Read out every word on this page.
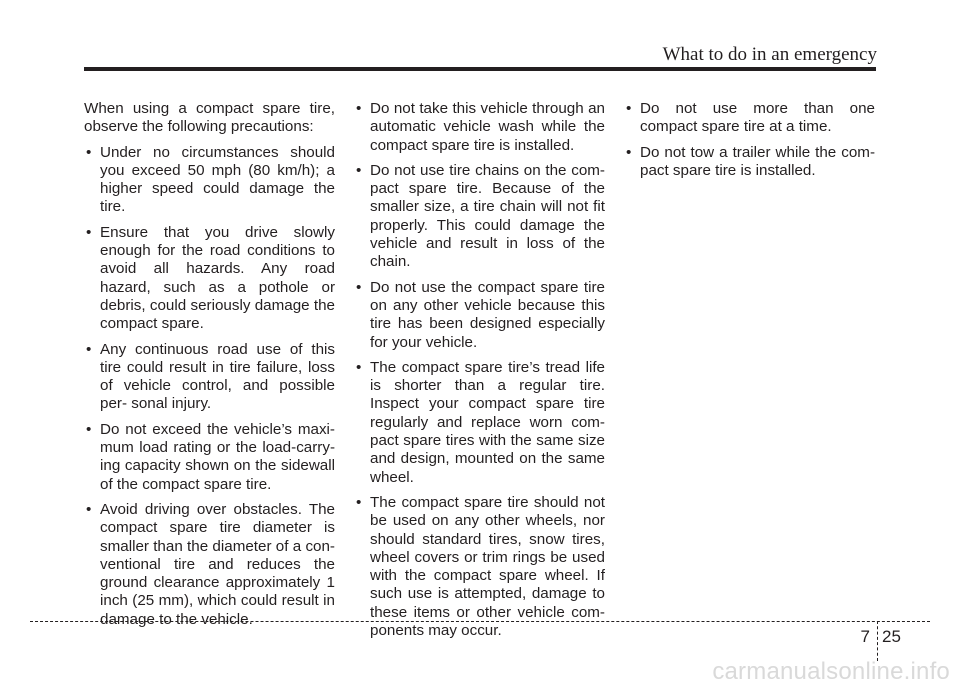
What to do in an emergency

When using a compact spare tire, observe the following precautions:

• Under no circumstances should you exceed 50 mph (80 km/h); a higher speed could damage the tire.
• Ensure that you drive slowly enough for the road conditions to avoid all hazards. Any road hazard, such as a pothole or debris, could seriously damage the compact spare.
• Any continuous road use of this tire could result in tire failure, loss of vehicle control, and possible per- sonal injury.
• Do not exceed the vehicle’s maxi- mum load rating or the load-carry- ing capacity shown on the sidewall of the compact spare tire.
• Avoid driving over obstacles. The compact spare tire diameter is smaller than the diameter of a con- ventional tire and reduces the ground clearance approximately 1 inch (25 mm), which could result in damage to the vehicle.
• Do not take this vehicle through an automatic vehicle wash while the compact spare tire is installed.
• Do not use tire chains on the com- pact spare tire. Because of the smaller size, a tire chain will not fit properly. This could damage the vehicle and result in loss of the chain.
• Do not use the compact spare tire on any other vehicle because this tire has been designed especially for your vehicle.
• The compact spare tire’s tread life is shorter than a regular tire. Inspect your compact spare tire regularly and replace worn com- pact spare tires with the same size and design, mounted on the same wheel.
• The compact spare tire should not be used on any other wheels, nor should standard tires, snow tires, wheel covers or trim rings be used with the compact spare wheel. If such use is attempted, damage to these items or other vehicle com- ponents may occur.
• Do not use more than one compact spare tire at a time.
• Do not tow a trailer while the com- pact spare tire is installed.
7 25
carmanualsonline.info
